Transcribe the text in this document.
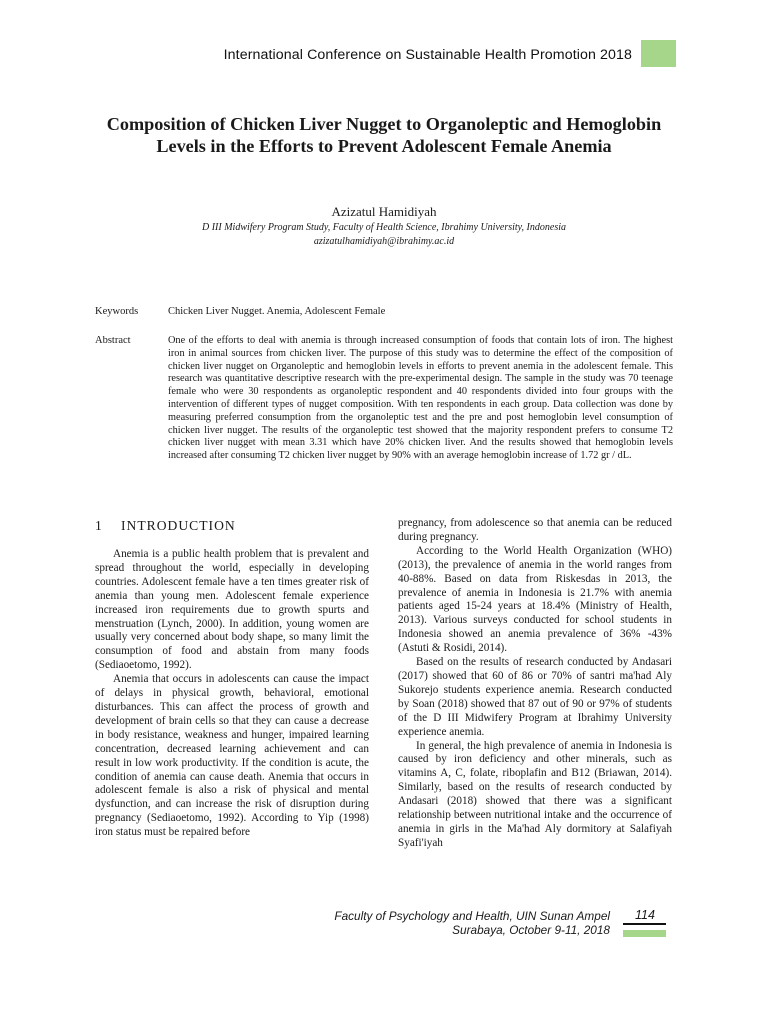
International Conference on Sustainable Health Promotion 2018
Composition of Chicken Liver Nugget to Organoleptic and Hemoglobin Levels in the Efforts to Prevent Adolescent Female Anemia
Azizatul Hamidiyah
D III Midwifery Program Study, Faculty of Health Science, Ibrahimy University, Indonesia
azizatulhamidiyah@ibrahimy.ac.id
Keywords	Chicken Liver Nugget. Anemia, Adolescent Female
Abstract	One of the efforts to deal with anemia is through increased consumption of foods that contain lots of iron. The highest iron in animal sources from chicken liver. The purpose of this study was to determine the effect of the composition of chicken liver nugget on Organoleptic and hemoglobin levels in efforts to prevent anemia in the adolescent female. This research was quantitative descriptive research with the pre-experimental design. The sample in the study was 70 teenage female who were 30 respondents as organoleptic respondent and 40 respondents divided into four groups with the intervention of different types of nugget composition. With ten respondents in each group. Data collection was done by measuring preferred consumption from the organoleptic test and the pre and post hemoglobin level consumption of chicken liver nugget. The results of the organoleptic test showed that the majority respondent prefers to consume T2 chicken liver nugget with mean 3.31 which have 20% chicken liver. And the results showed that hemoglobin levels increased after consuming T2 chicken liver nugget by 90% with an average hemoglobin increase of 1.72 gr / dL.
1 INTRODUCTION

Anemia is a public health problem that is prevalent and spread throughout the world, especially in developing countries. Adolescent female have a ten times greater risk of anemia than young men. Adolescent female experience increased iron requirements due to growth spurts and menstruation (Lynch, 2000). In addition, young women are usually very concerned about body shape, so many limit the consumption of food and abstain from many foods (Sediaoetomo, 1992).

Anemia that occurs in adolescents can cause the impact of delays in physical growth, behavioral, emotional disturbances. This can affect the process of growth and development of brain cells so that they can cause a decrease in body resistance, weakness and hunger, impaired learning concentration, decreased learning achievement and can result in low work productivity. If the condition is acute, the condition of anemia can cause death. Anemia that occurs in adolescent female is also a risk of physical and mental dysfunction, and can increase the risk of disruption during pregnancy (Sediaoetomo, 1992). According to Yip (1998) iron status must be repaired before

pregnancy, from adolescence so that anemia can be reduced during pregnancy.

According to the World Health Organization (WHO) (2013), the prevalence of anemia in the world ranges from 40-88%. Based on data from Riskesdas in 2013, the prevalence of anemia in Indonesia is 21.7% with anemia patients aged 15-24 years at 18.4% (Ministry of Health, 2013). Various surveys conducted for school students in Indonesia showed an anemia prevalence of 36% -43% (Astuti & Rosidi, 2014).

Based on the results of research conducted by Andasari (2017) showed that 60 of 86 or 70% of santri ma'had Aly Sukorejo students experience anemia. Research conducted by Soan (2018) showed that 87 out of 90 or 97% of students of the D III Midwifery Program at Ibrahimy University experience anemia.

In general, the high prevalence of anemia in Indonesia is caused by iron deficiency and other minerals, such as vitamins A, C, folate, riboplafin and B12 (Briawan, 2014). Similarly, based on the results of research conducted by Andasari (2018) showed that there was a significant relationship between nutritional intake and the occurrence of anemia in girls in the Ma'had Aly dormitory at Salafiyah Syafi'iyah

Faculty of Psychology and Health, UIN Sunan Ampel
Surabaya, October 9-11, 2018
114
